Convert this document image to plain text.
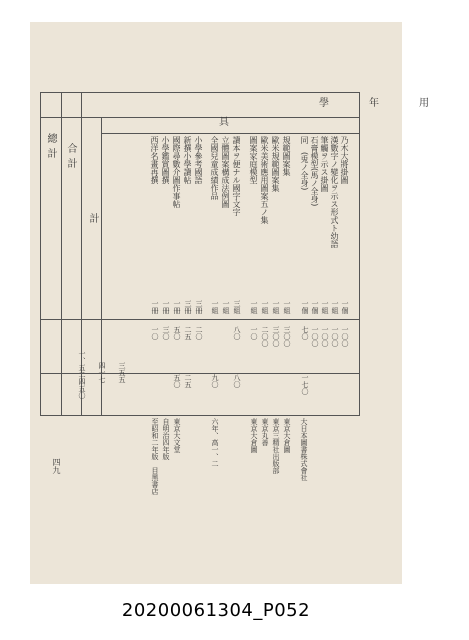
學年用
具
總計 合計
計
乃木大將掛圖
漢數字ノ變化ヲ示ス形式ト幼語
筆觸ヲ示ス掛圖
石膏模型(馬ノ全身)
同　(兎ノ全身)
規範圖案集
歐米規範圖案集
歐米美術應用圖案五ノ集
圖案家庭模型
讀本ヲ便ナル國字文字
立體圖案構成法例圖
全國兒童成績作品
小學參考國語
新撰小學讀帖
國際尋數介圖作事帖
小學鑑賞圖撰
西洋名畫再撰
一個
一組
一組
一個
一個
一組
一組
一組
一組
三組
一組
一組
三冊
三冊
一冊
一冊
一冊
一〇〇
一〇〇
一〇〇
一〇〇
七〇
三〇〇
三〇〇
二〇〇
一〇
八〇
二〇
二五
五〇
三〇
一〇
一七〇
八〇
九〇
二五
五〇
大日本圖書株式會社
東京大倉圖
東京三精社出版部
東京丸善
東京大倉圖
六年、高一、二
東京大文堂
自明治四年版
至昭和二年版　目黑書店
一、五二四五〇 四一七 三五五
四九
20200061304_P052
